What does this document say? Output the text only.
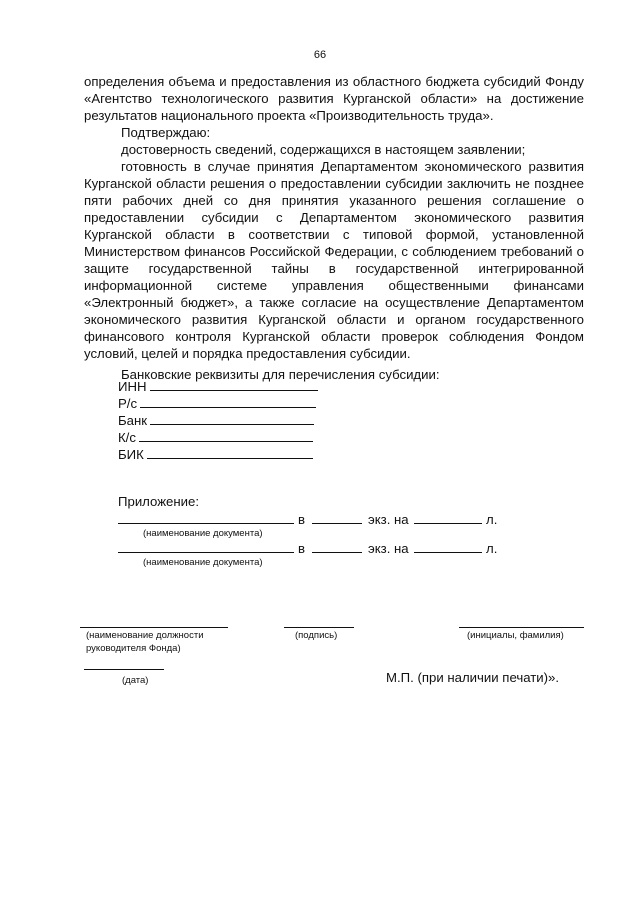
66

определения объема и предоставления из областного бюджета субсидий Фонду «Агентство технологического развития Курганской области» на достижение результатов национального проекта «Производительность труда».

Подтверждаю:

достоверность сведений, содержащихся в настоящем заявлении;

готовность в случае принятия Департаментом экономического развития Курганской области решения о предоставлении субсидии заключить не позднее пяти рабочих дней со дня принятия указанного решения соглашение о предоставлении субсидии с Департаментом экономического развития Курганской области в соответствии с типовой формой, установленной Министерством финансов Российской Федерации, с соблюдением требований о защите государственной тайны в государственной интегрированной информационной системе управления общественными финансами «Электронный бюджет», а также согласие на осуществление Департаментом экономического развития Курганской области и органом государственного финансового контроля Курганской области проверок соблюдения Фондом условий, целей и порядка предоставления субсидии.

Банковские реквизиты для перечисления субсидии:

ИНН
Р/с
Банк
К/с
БИК
Приложение:
в	экз. на	л.
(наименование документа)
в	экз. на	л.
(наименование документа)
(наименование должности
руководителя Фонда)
(подпись)	(инициалы, фамилия)
(дата)	М.П. (при наличии печати)».
